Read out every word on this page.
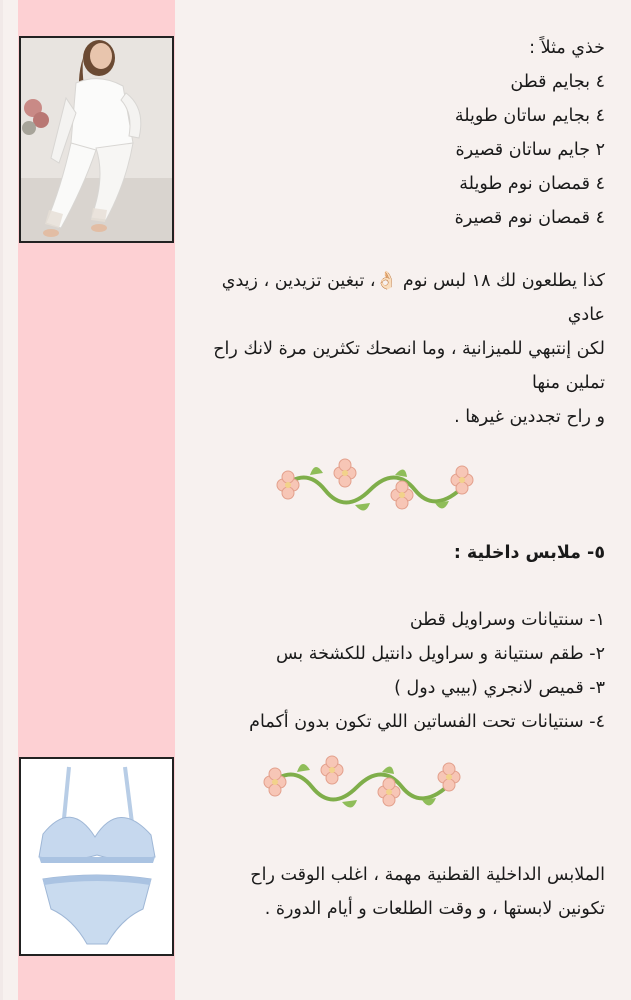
خذي مثلاً :
٤ بجايم قطن
٤ بجايم ساتان طويلة
٢ جايم ساتان قصيرة
٤ قمصان نوم طويلة
٤ قمصان نوم قصيرة
كذا يطلعون لك ١٨ لبس نوم 👌🏻، تبغين تزيدين ، زيدي
عادي
لكن إنتبهي للميزانية ، وما انصحك تكثرين مرة لانك راح
تملين منها
و راح تجددين غيرها .
٥- ملابس داخلية :
١- سنتيانات وسراويل قطن
٢- طقم سنتيانة و سراويل دانتيل للكشخة بس
٣- قميص لانجري (بيبي دول )
٤- سنتيانات تحت الفساتين اللي تكون بدون أكمام
الملابس الداخلية القطنية مهمة ، اغلب الوقت راح
تكونين لابستها ، و وقت الطلعات و أيام الدورة .
